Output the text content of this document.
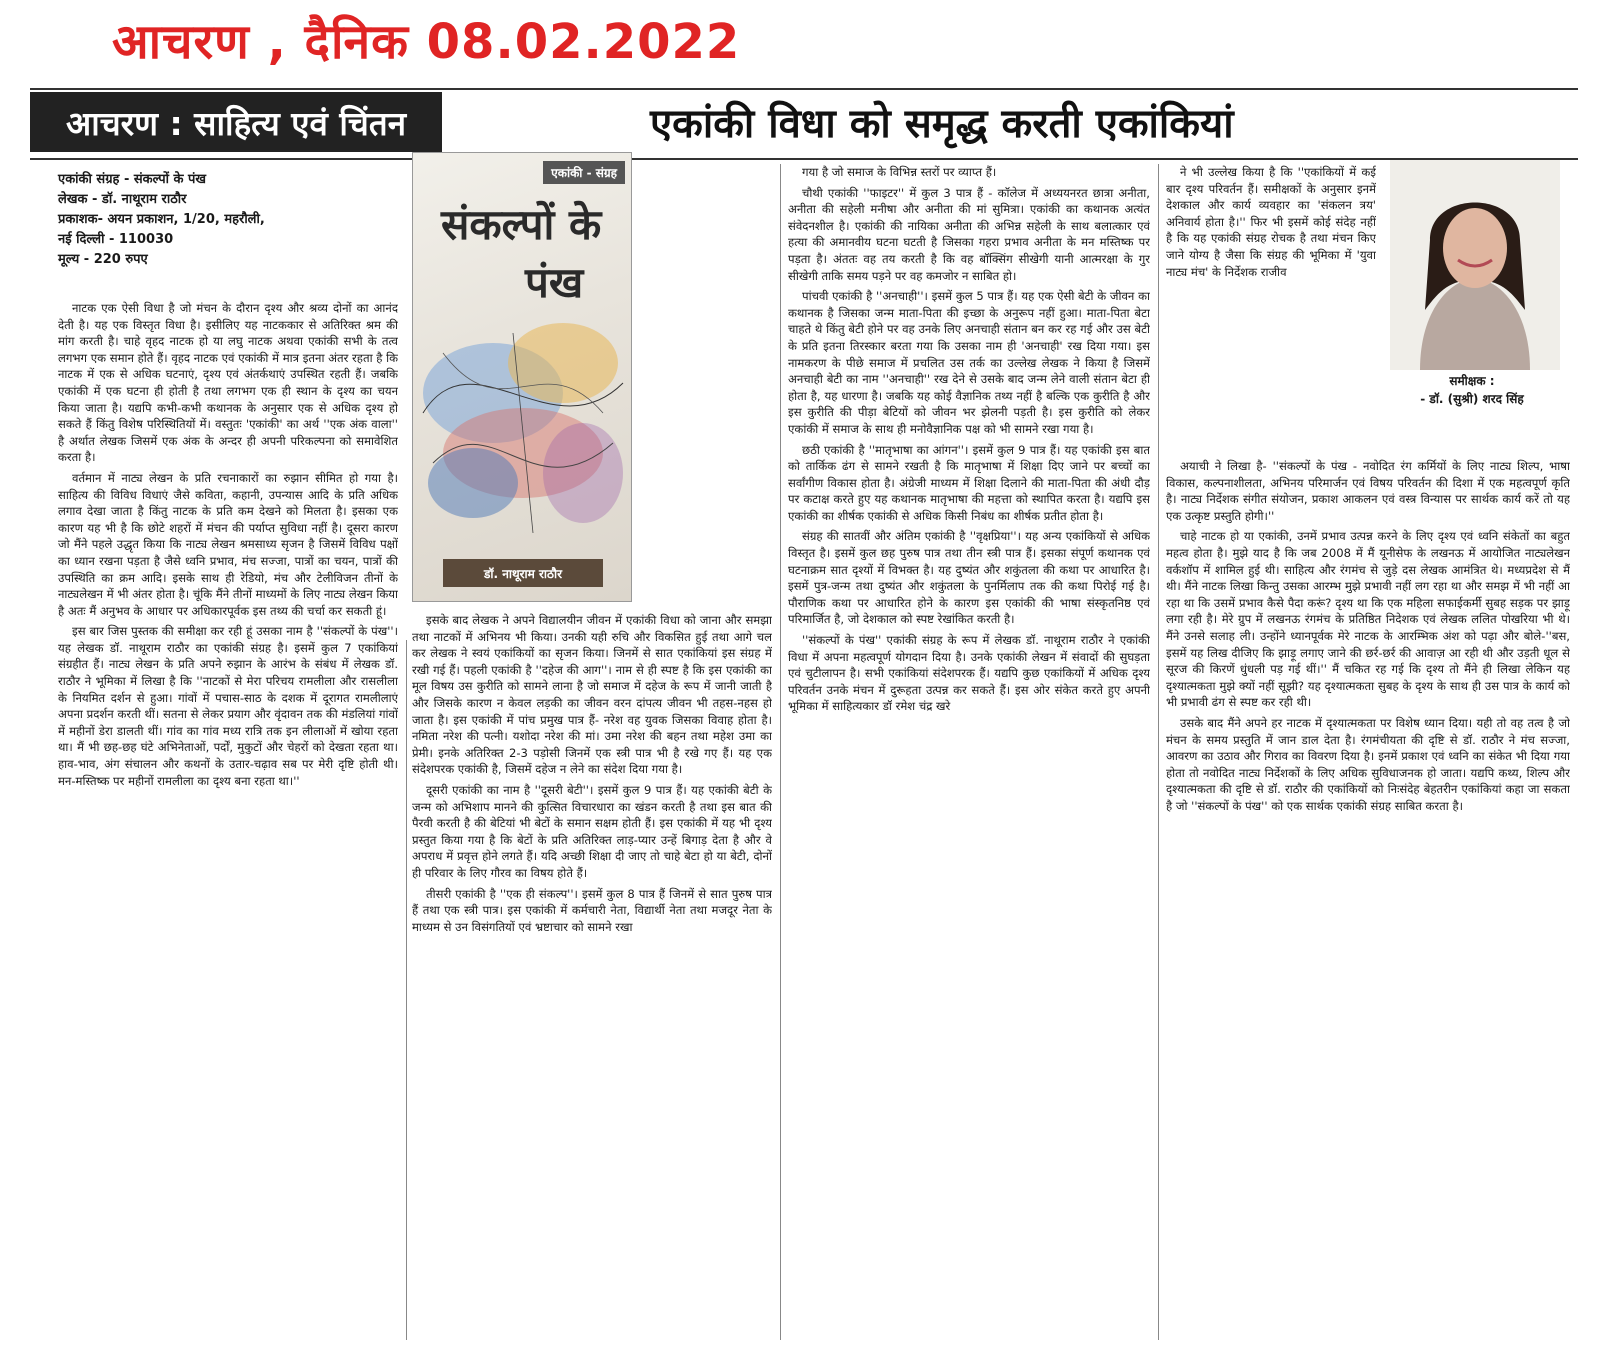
आचरण , दैनिक 08.02.2022
आचरण : साहित्य एवं चिंतन	एकांकी विधा को समृद्ध करती एकांकियां
एकांकी संग्रह - संकल्पों के पंख
लेखक - डॉ. नाथूराम राठौर
प्रकाशक- अयन प्रकाशन, 1/20, महरौली,
नई दिल्ली - 110030
मूल्य - 220 रुपए
एकांकी - संग्रह
संकल्पों के
पंख
डॉ. नाथूराम राठौर
समीक्षक :
- डॉ. (सुश्री) शरद सिंह

नाटक एक ऐसी विधा है जो मंचन के दौरान दृश्य और श्रव्य दोनों का आनंद देती है। यह एक विस्तृत विधा है। इसीलिए यह नाटककार से अतिरिक्त श्रम की मांग करती है। चाहे वृहद नाटक हो या लघु नाटक अथवा एकांकी सभी के तत्व लगभग एक समान होते हैं। वृहद नाटक एवं एकांकी में मात्र इतना अंतर रहता है कि नाटक में एक से अधिक घटनाएं, दृश्य एवं अंतर्कथाएं उपस्थित रहती हैं। जबकि एकांकी में एक घटना ही होती है तथा लगभग एक ही स्थान के दृश्य का चयन किया जाता है। यद्यपि कभी-कभी कथानक के अनुसार एक से अधिक दृश्य हो सकते हैं किंतु विशेष परिस्थितियों में। वस्तुतः 'एकांकी' का अर्थ ''एक अंक वाला'' है अर्थात लेखक जिसमें एक अंक के अन्दर ही अपनी परिकल्पना को समावेशित करता है।

वर्तमान में नाट्य लेखन के प्रति रचनाकारों का रुझान सीमित हो गया है। साहित्य की विविध विधाएं जैसे कविता, कहानी, उपन्यास आदि के प्रति अधिक लगाव देखा जाता है किंतु नाटक के प्रति कम देखने को मिलता है। इसका एक कारण यह भी है कि छोटे शहरों में मंचन की पर्याप्त सुविधा नहीं है। दूसरा कारण जो मैंने पहले उद्धृत किया कि नाट्य लेखन श्रमसाध्य सृजन है जिसमें विविध पक्षों का ध्यान रखना पड़ता है जैसे ध्वनि प्रभाव, मंच सज्जा, पात्रों का चयन, पात्रों की उपस्थिति का क्रम आदि। इसके साथ ही रेडियो, मंच और टेलीविजन तीनों के नाट्यलेखन में भी अंतर होता है। चूंकि मैंने तीनों माध्यमों के लिए नाट्य लेखन किया है अतः मैं अनुभव के आधार पर अधिकारपूर्वक इस तथ्य की चर्चा कर सकती हूं।

इस बार जिस पुस्तक की समीक्षा कर रही हूं उसका नाम है ''संकल्पों के पंख''। यह लेखक डॉ. नाथूराम राठौर का एकांकी संग्रह है। इसमें कुल 7 एकांकियां संग्रहीत हैं। नाट्य लेखन के प्रति अपने रुझान के आरंभ के संबंध में लेखक डॉ. राठौर ने भूमिका में लिखा है कि ''नाटकों से मेरा परिचय रामलीला और रासलीला के नियमित दर्शन से हुआ। गांवों में पचास-साठ के दशक में दूरागत रामलीलाएं अपना प्रदर्शन करती थीं। सतना से लेकर प्रयाग और वृंदावन तक की मंडलियां गांवों में महीनों डेरा डालती थीं। गांव का गांव मध्य रात्रि तक इन लीलाओं में खोया रहता था। मैं भी छह-छह घंटे अभिनेताओं, पर्दों, मुकुटों और चेहरों को देखता रहता था। हाव-भाव, अंग संचालन और कथनों के उतार-चढ़ाव सब पर मेरी दृष्टि होती थी। मन-मस्तिष्क पर महीनों रामलीला का दृश्य बना रहता था।''

इसके बाद लेखक ने अपने विद्यालयीन जीवन में एकांकी विधा को जाना और समझा तथा नाटकों में अभिनय भी किया। उनकी यही रुचि और विकसित हुई तथा आगे चल कर लेखक ने स्वयं एकांकियों का सृजन किया। जिनमें से सात एकांकियां इस संग्रह में रखी गई हैं। पहली एकांकी है ''दहेज की आग''। नाम से ही स्पष्ट है कि इस एकांकी का मूल विषय उस कुरीति को सामने लाना है जो समाज में दहेज के रूप में जानी जाती है और जिसके कारण न केवल लड़की का जीवन वरन दांपत्य जीवन भी तहस-नहस हो जाता है। इस एकांकी में पांच प्रमुख पात्र हैं- नरेश वह युवक जिसका विवाह होता है। नमिता नरेश की पत्नी। यशोदा नरेश की मां। उमा नरेश की बहन तथा महेश उमा का प्रेमी। इनके अतिरिक्त 2-3 पड़ोसी जिनमें एक स्त्री पात्र भी है रखे गए हैं। यह एक संदेशपरक एकांकी है, जिसमें दहेज न लेने का संदेश दिया गया है।

दूसरी एकांकी का नाम है ''दूसरी बेटी''। इसमें कुल 9 पात्र हैं। यह एकांकी बेटी के जन्म को अभिशाप मानने की कुत्सित विचारधारा का खंडन करती है तथा इस बात की पैरवी करती है की बेटियां भी बेटों के समान सक्षम होती हैं। इस एकांकी में यह भी दृश्य प्रस्तुत किया गया है कि बेटों के प्रति अतिरिक्त लाड़-प्यार उन्हें बिगाड़ देता है और वे अपराध में प्रवृत्त होने लगते हैं। यदि अच्छी शिक्षा दी जाए तो चाहे बेटा हो या बेटी, दोनों ही परिवार के लिए गौरव का विषय होते हैं।

तीसरी एकांकी है ''एक ही संकल्प''। इसमें कुल 8 पात्र हैं जिनमें से सात पुरुष पात्र हैं तथा एक स्त्री पात्र। इस एकांकी में कर्मचारी नेता, विद्यार्थी नेता तथा मजदूर नेता के माध्यम से उन विसंगतियों एवं भ्रष्टाचार को सामने रखा

गया है जो समाज के विभिन्न स्तरों पर व्याप्त हैं।

चौथी एकांकी ''फाइटर'' में कुल 3 पात्र हैं - कॉलेज में अध्ययनरत छात्रा अनीता, अनीता की सहेली मनीषा और अनीता की मां सुमित्रा। एकांकी का कथानक अत्यंत संवेदनशील है। एकांकी की नायिका अनीता की अभिन्न सहेली के साथ बलात्कार एवं हत्या की अमानवीय घटना घटती है जिसका गहरा प्रभाव अनीता के मन मस्तिष्क पर पड़ता है। अंततः वह तय करती है कि वह बॉक्सिंग सीखेगी यानी आत्मरक्षा के गुर सीखेगी ताकि समय पड़ने पर वह कमजोर न साबित हो।

पांचवी एकांकी है ''अनचाही''। इसमें कुल 5 पात्र हैं। यह एक ऐसी बेटी के जीवन का कथानक है जिसका जन्म माता-पिता की इच्छा के अनुरूप नहीं हुआ। माता-पिता बेटा चाहते थे किंतु बेटी होने पर वह उनके लिए अनचाही संतान बन कर रह गई और उस बेटी के प्रति इतना तिरस्कार बरता गया कि उसका नाम ही 'अनचाही' रख दिया गया। इस नामकरण के पीछे समाज में प्रचलित उस तर्क का उल्लेख लेखक ने किया है जिसमें अनचाही बेटी का नाम ''अनचाही'' रख देने से उसके बाद जन्म लेने वाली संतान बेटा ही होता है, यह धारणा है। जबकि यह कोई वैज्ञानिक तथ्य नहीं है बल्कि एक कुरीति है और इस कुरीति की पीड़ा बेटियों को जीवन भर झेलनी पड़ती है। इस कुरीति को लेकर एकांकी में समाज के साथ ही मनोवैज्ञानिक पक्ष को भी सामने रखा गया है।

छठी एकांकी है ''मातृभाषा का आंगन''। इसमें कुल 9 पात्र हैं। यह एकांकी इस बात को तार्किक ढंग से सामने रखती है कि मातृभाषा में शिक्षा दिए जाने पर बच्चों का सर्वांगीण विकास होता है। अंग्रेजी माध्यम में शिक्षा दिलाने की माता-पिता की अंधी दौड़ पर कटाक्ष करते हुए यह कथानक मातृभाषा की महत्ता को स्थापित करता है। यद्यपि इस एकांकी का शीर्षक एकांकी से अधिक किसी निबंध का शीर्षक प्रतीत होता है।

संग्रह की सातवीं और अंतिम एकांकी है ''वृक्षप्रिया''। यह अन्य एकांकियों से अधिक विस्तृत है। इसमें कुल छह पुरुष पात्र तथा तीन स्त्री पात्र हैं। इसका संपूर्ण कथानक एवं घटनाक्रम सात दृश्यों में विभक्त है। यह दुष्यंत और शकुंतला की कथा पर आधारित है। इसमें पुत्र-जन्म तथा दुष्यंत और शकुंतला के पुनर्मिलाप तक की कथा पिरोई गई है। पौराणिक कथा पर आधारित होने के कारण इस एकांकी की भाषा संस्कृतनिष्ठ एवं परिमार्जित है, जो देशकाल को स्पष्ट रेखांकित करती है।

''संकल्पों के पंख'' एकांकी संग्रह के रूप में लेखक डॉ. नाथूराम राठौर ने एकांकी विधा में अपना महत्वपूर्ण योगदान दिया है। उनके एकांकी लेखन में संवादों की सुघड़ता एवं चुटीलापन है। सभी एकांकियां संदेशपरक हैं। यद्यपि कुछ एकांकियों में अधिक दृश्य परिवर्तन उनके मंचन में दुरूहता उत्पन्न कर सकते हैं। इस ओर संकेत करते हुए अपनी भूमिका में साहित्यकार डॉ रमेश चंद्र खरे

ने भी उल्लेख किया है कि ''एकांकियों में कई बार दृश्य परिवर्तन हैं। समीक्षकों के अनुसार इनमें देशकाल और कार्य व्यवहार का 'संकलन त्रय' अनिवार्य होता है।'' फिर भी इसमें कोई संदेह नहीं है कि यह एकांकी संग्रह रोचक है तथा मंचन किए जाने योग्य है जैसा कि संग्रह की भूमिका में 'युवा नाट्य मंच' के निर्देशक राजीव

अयाची ने लिखा है- ''संकल्पों के पंख - नवोदित रंग कर्मियों के लिए नाट्य शिल्प, भाषा विकास, कल्पनाशीलता, अभिनय परिमार्जन एवं विषय परिवर्तन की दिशा में एक महत्वपूर्ण कृति है। नाट्य निर्देशक संगीत संयोजन, प्रकाश आकलन एवं वस्त्र विन्यास पर सार्थक कार्य करें तो यह एक उत्कृष्ट प्रस्तुति होगी।''

चाहे नाटक हो या एकांकी, उनमें प्रभाव उत्पन्न करने के लिए दृश्य एवं ध्वनि संकेतों का बहुत महत्व होता है। मुझे याद है कि जब 2008 में मैं यूनीसेफ के लखनऊ में आयोजित नाट्यलेखन वर्कशॉप में शामिल हुई थी। साहित्य और रंगमंच से जुड़े दस लेखक आमंत्रित थे। मध्यप्रदेश से मैं थी। मैंने नाटक लिखा किन्तु उसका आरम्भ मुझे प्रभावी नहीं लग रहा था और समझ में भी नहीं आ रहा था कि उसमें प्रभाव कैसे पैदा करूं? दृश्य था कि एक महिला सफाईकर्मी सुबह सड़क पर झाड़ू लगा रही है। मेरे ग्रुप में लखनऊ रंगमंच के प्रतिष्ठित निदेशक एवं लेखक ललित पोखरिया भी थे। मैंने उनसे सलाह ली। उन्होंने ध्यानपूर्वक मेरे नाटक के आरम्भिक अंश को पढ़ा और बोले-''बस, इसमें यह लिख दीजिए कि झाड़ू लगाए जाने की छर्र-छर्र की आवाज़ आ रही थी और उड़ती धूल से सूरज की किरणें धुंधली पड़ गई थीं।'' मैं चकित रह गई कि दृश्य तो मैंने ही लिखा लेकिन यह दृश्यात्मकता मुझे क्यों नहीं सूझी? यह दृश्यात्मकता सुबह के दृश्य के साथ ही उस पात्र के कार्य को भी प्रभावी ढंग से स्पष्ट कर रही थी।

उसके बाद मैंने अपने हर नाटक में दृश्यात्मकता पर विशेष ध्यान दिया। यही तो वह तत्व है जो मंचन के समय प्रस्तुति में जान डाल देता है। रंगमंचीयता की दृष्टि से डॉ. राठौर ने मंच सज्जा, आवरण का उठाव और गिराव का विवरण दिया है। इनमें प्रकाश एवं ध्वनि का संकेत भी दिया गया होता तो नवोदित नाट्य निर्देशकों के लिए अधिक सुविधाजनक हो जाता। यद्यपि कथ्य, शिल्प और दृश्यात्मकता की दृष्टि से डॉ. राठौर की एकांकियों को निःसंदेह बेहतरीन एकांकियां कहा जा सकता है जो ''संकल्पों के पंख'' को एक सार्थक एकांकी संग्रह साबित करता है।
